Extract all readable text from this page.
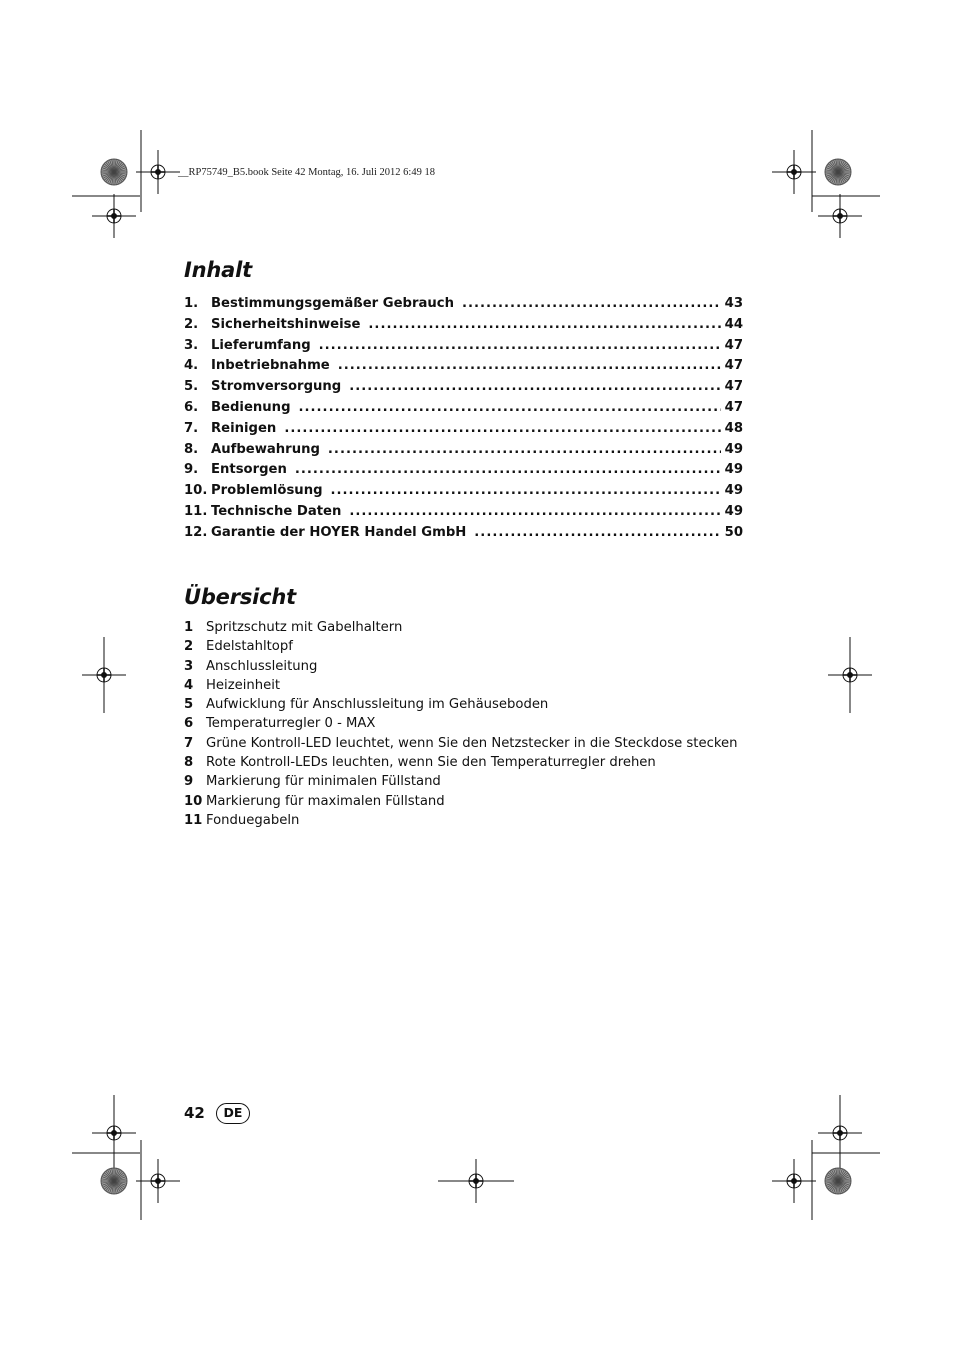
__RP75749_B5.book Seite 42 Montag, 16. Juli 2012 6:49 18
Inhalt
1. Bestimmungsgemäßer Gebrauch .....	43
2. Sicherheitshinweise .....	44
3. Lieferumfang .....	47
4. Inbetriebnahme .....	47
5. Stromversorgung .....	47
6. Bedienung .....	47
7. Reinigen .....	48
8. Aufbewahrung .....	49
9. Entsorgen .....	49
10. Problemlösung .....	49
11. Technische Daten .....	49
12. Garantie der HOYER Handel GmbH .....	50
Übersicht
1 Spritzschutz mit Gabelhaltern
2 Edelstahltopf
3 Anschlussleitung
4 Heizeinheit
5 Aufwicklung für Anschlussleitung im Gehäuseboden
6 Temperaturregler 0 - MAX
7 Grüne Kontroll-LED leuchtet, wenn Sie den Netzstecker in die Steckdose stecken
8 Rote Kontroll-LEDs leuchten, wenn Sie den Temperaturregler drehen
9 Markierung für minimalen Füllstand
10 Markierung für maximalen Füllstand
11 Fonduegabeln
42	DE
